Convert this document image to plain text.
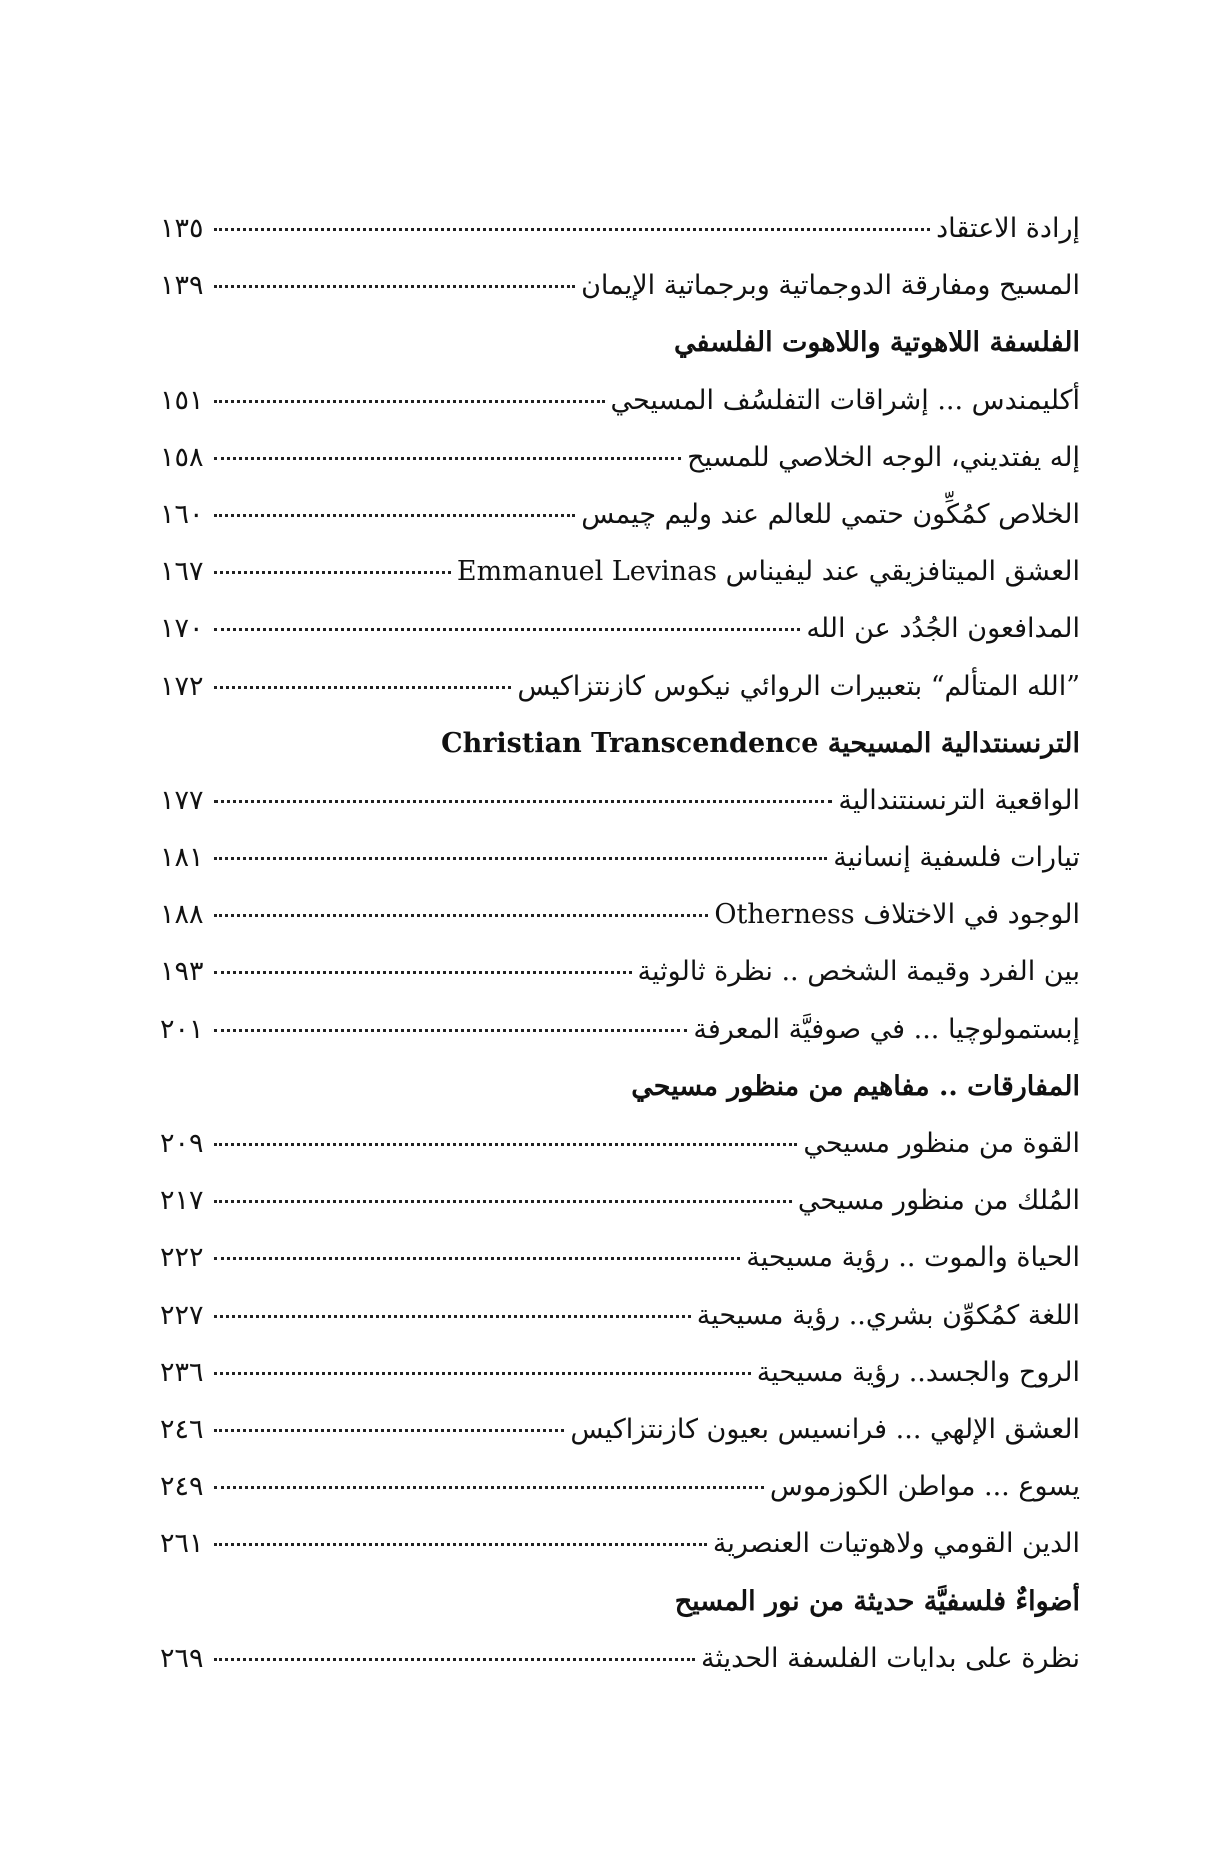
إرادة الاعتقاد
١٣٥
المسيح ومفارقة الدوجماتية وبرجماتية الإيمان
١٣٩
الفلسفة اللاهوتية واللاهوت الفلسفي
أكليمندس ... إشراقات التفلسُف المسيحي
١٥١
إله يفتديني، الوجه الخلاصي للمسيح
١٥٨
الخلاص كمُكِّون حتمي للعالم عند وليم چيمس
١٦٠
العشق الميتافزيقي عند ليفيناس Emmanuel Levinas
١٦٧
المدافعون الجُدُد عن الله
١٧٠
”الله المتألم“ بتعبيرات الروائي نيكوس كازنتزاكيس
١٧٢
الترنسنتدالية المسيحية Christian Transcendence
الواقعية الترنسنتندالية
١٧٧
تيارات فلسفية إنسانية
١٨١
الوجود في الاختلاف Otherness
١٨٨
بين الفرد وقيمة الشخص .. نظرة ثالوثية
١٩٣
إبستمولوچيا ... في صوفيَّة المعرفة
٢٠١
المفارقات .. مفاهيم من منظور مسيحي
القوة من منظور مسيحي
٢٠٩
المُلك من منظور مسيحي
٢١٧
الحياة والموت .. رؤية مسيحية
٢٢٢
اللغة كمُكوِّن بشري.. رؤية مسيحية
٢٢٧
الروح والجسد.. رؤية مسيحية
٢٣٦
العشق الإلهي ... فرانسيس بعيون كازنتزاكيس
٢٤٦
يسوع ... مواطن الكوزموس
٢٤٩
الدين القومي ولاهوتيات العنصرية
٢٦١
أضواءٌ فلسفيَّة حديثة من نور المسيح
نظرة على بدايات الفلسفة الحديثة
٢٦٩
